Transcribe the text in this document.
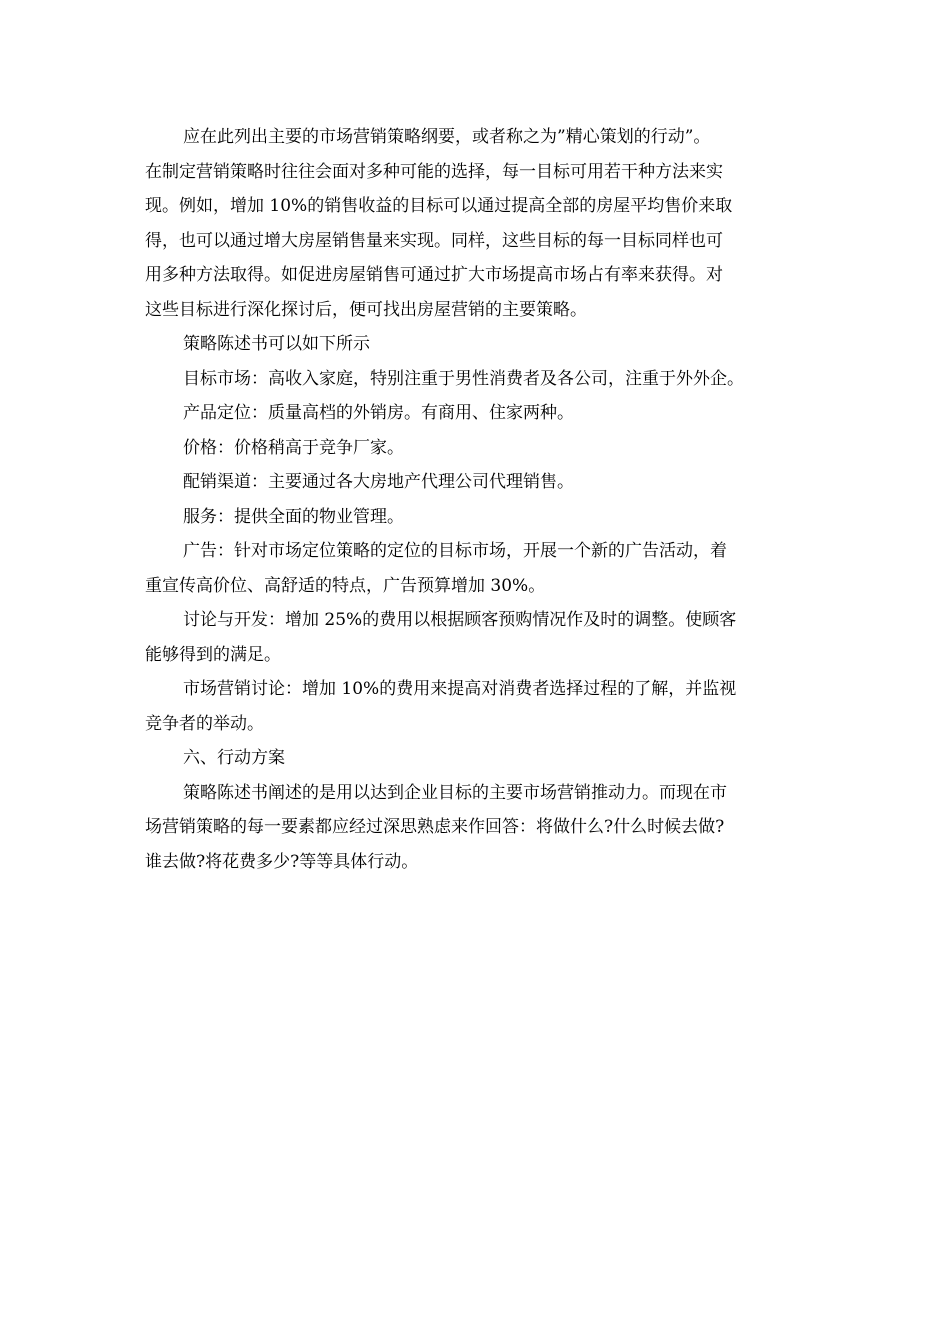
应在此列出主要的市场营销策略纲要，或者称之为”精心策划的行动”。
在制定营销策略时往往会面对多种可能的选择，每一目标可用若干种方法来实
现。例如，增加 10%的销售收益的目标可以通过提高全部的房屋平均售价来取
得，也可以通过增大房屋销售量来实现。同样，这些目标的每一目标同样也可
用多种方法取得。如促进房屋销售可通过扩大市场提高市场占有率来获得。对
这些目标进行深化探讨后，便可找出房屋营销的主要策略。

策略陈述书可以如下所示

目标市场：高收入家庭，特别注重于男性消费者及各公司，注重于外外企。

产品定位：质量高档的外销房。有商用、住家两种。

价格：价格稍高于竞争厂家。

配销渠道：主要通过各大房地产代理公司代理销售。

服务：提供全面的物业管理。

广告：针对市场定位策略的定位的目标市场，开展一个新的广告活动，着
重宣传高价位、高舒适的特点，广告预算增加 30%。

讨论与开发：增加 25%的费用以根据顾客预购情况作及时的调整。使顾客
能够得到的满足。

市场营销讨论：增加 10%的费用来提高对消费者选择过程的了解，并监视
竞争者的举动。

六、行动方案

策略陈述书阐述的是用以达到企业目标的主要市场营销推动力。而现在市
场营销策略的每一要素都应经过深思熟虑来作回答：将做什么?什么时候去做?
谁去做?将花费多少?等等具体行动。
